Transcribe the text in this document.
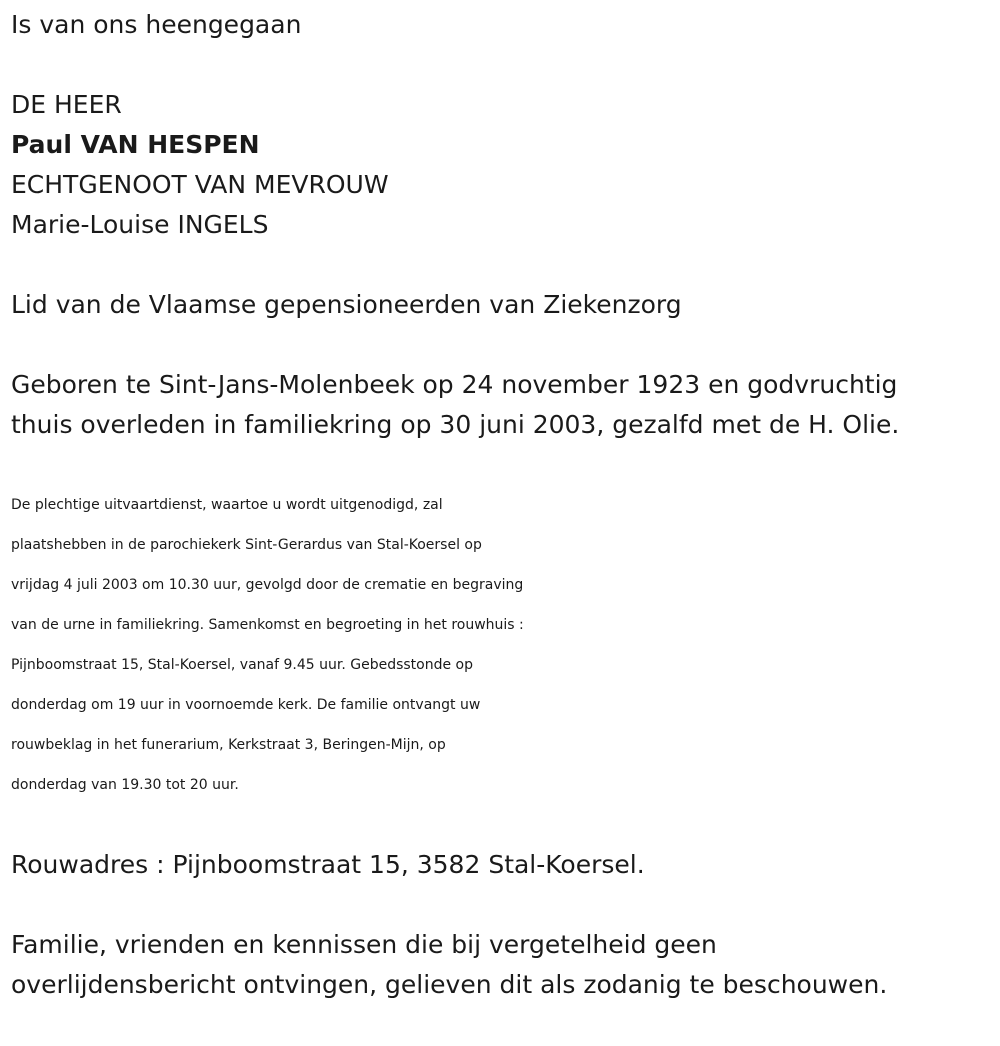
Is van ons heengegaan

DE HEER

Paul VAN HESPEN

ECHTGENOOT VAN MEVROUW

Marie-Louise INGELS

Lid van de Vlaamse gepensioneerden van Ziekenzorg

Geboren te Sint-Jans-Molenbeek op 24 november 1923 en godvruchtig

thuis overleden in familiekring op 30 juni 2003, gezalfd met de H. Olie.

De plechtige uitvaartdienst, waartoe u wordt uitgenodigd, zal

plaatshebben in de parochiekerk Sint-Gerardus van Stal-Koersel op

vrijdag 4 juli 2003 om 10.30 uur, gevolgd door de crematie en begraving

van de urne in familiekring. Samenkomst en begroeting in het rouwhuis :

Pijnboomstraat 15, Stal-Koersel, vanaf 9.45 uur. Gebedsstonde op

donderdag om 19 uur in voornoemde kerk. De familie ontvangt uw

rouwbeklag in het funerarium, Kerkstraat 3, Beringen-Mijn, op

donderdag van 19.30 tot 20 uur.

Rouwadres : Pijnboomstraat 15, 3582 Stal-Koersel.

Familie, vrienden en kennissen die bij vergetelheid geen

overlijdensbericht ontvingen, gelieven dit als zodanig te beschouwen.
